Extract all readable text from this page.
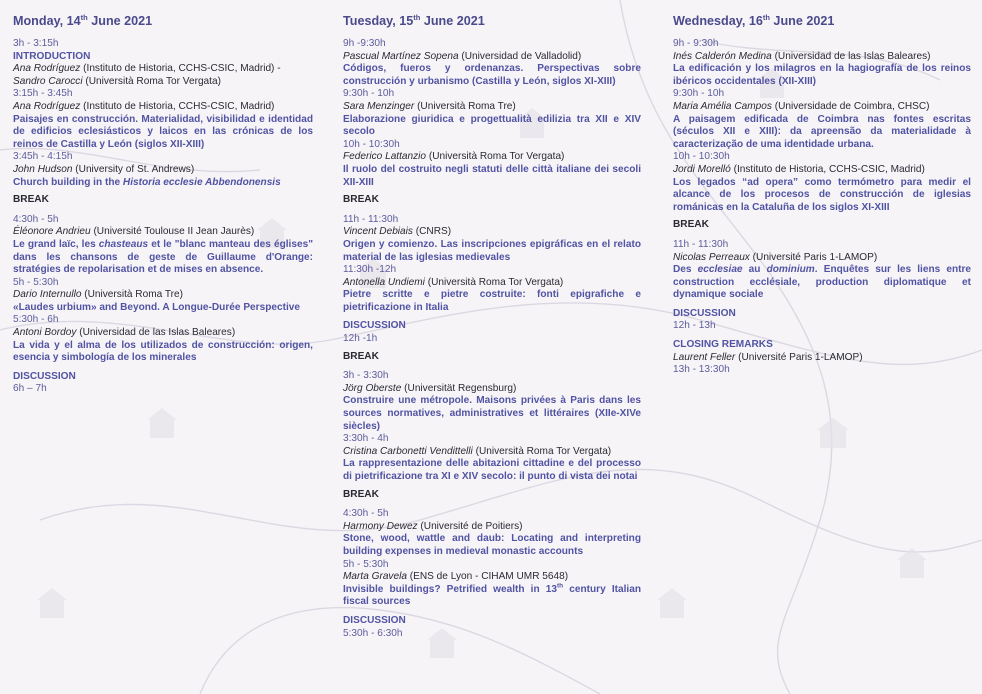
Monday, 14th June 2021
3h - 3:15h
INTRODUCTION
Ana Rodríguez (Instituto de Historia, CCHS-CSIC, Madrid) -Sandro Carocci (Università Roma Tor Vergata)
3:15h - 3:45h
Ana Rodríguez (Instituto de Historia, CCHS-CSIC, Madrid)
Paisajes en construcción. Materialidad, visibilidad e identidad de edificios eclesiásticos y laicos en las crónicas de los reinos de Castilla y León (siglos XII-XIII)
3:45h - 4:15h
John Hudson (University of St. Andrews)
Church building in the Historia ecclesie Abbendonensis
BREAK
4:30h - 5h
Éléonore Andrieu (Université Toulouse II Jean Jaurès)
Le grand laïc, les chasteaus et le "blanc manteau des églises" dans les chansons de geste de Guillaume d'Orange: stratégies de repolarisation et de mises en absence.
5h - 5:30h
Dario Internullo (Università Roma Tre)
«Laudes urbium» and Beyond. A Longue-Durée Perspective
5:30h - 6h
Antoni Bordoy (Universidad de las Islas Baleares)
La vida y el alma de los utilizados de construcción: origen, esencia y simbología de los minerales
DISCUSSION
6h – 7h
Tuesday, 15th June 2021
9h -9:30h
Pascual Martínez Sopena (Universidad de Valladolid)
Códigos, fueros y ordenanzas. Perspectivas sobre construcción y urbanismo (Castilla y León, siglos XI-XIII)
9:30h - 10h
Sara Menzinger (Università Roma Tre)
Elaborazione giuridica e progettualità edilizia tra XII e XIV secolo
10h - 10:30h
Federico Lattanzio (Università Roma Tor Vergata)
Il ruolo del costruito negli statuti delle città italiane dei secoli XII-XIII
BREAK
11h - 11:30h
Vincent Debiais (CNRS)
Origen y comienzo. Las inscripciones epigráficas en el relato material de las iglesias medievales
11:30h -12h
Antonella Undiemi (Università Roma Tor Vergata)
Pietre scritte e pietre costruite: fonti epigrafiche e pietrificazione in Italia
DISCUSSION
12h -1h
BREAK
3h - 3:30h
Jörg Oberste (Universität Regensburg)
Construire une métropole. Maisons privées à Paris dans les sources normatives, administratives et littéraires (XIIe-XIVe siècles)
3:30h - 4h
Cristina Carbonetti Vendittelli (Università Roma Tor Vergata)
La rappresentazione delle abitazioni cittadine e del processo di pietrificazione tra XI e XIV secolo: il punto di vista dei notai
BREAK
4:30h - 5h
Harmony Dewez (Université de Poitiers)
Stone, wood, wattle and daub: Locating and interpreting building expenses in medieval monastic accounts
5h - 5:30h
Marta Gravela (ENS de Lyon - CIHAM UMR 5648)
Invisible buildings? Petrified wealth in 13th century Italian fiscal sources
DISCUSSION
5:30h - 6:30h
Wednesday, 16th June 2021
9h - 9:30h
Inés Calderón Medina (Universidad de las Islas Baleares)
La edificación y los milagros en la hagiografía de los reinos ibéricos occidentales (XII-XIII)
9:30h - 10h
Maria Amélia Campos (Universidade de Coimbra, CHSC)
A paisagem edificada de Coimbra nas fontes escritas (séculos XII e XIII): da apreensão da materialidade à caracterização de uma identidade urbana.
10h - 10:30h
Jordi Morelló (Instituto de Historia, CCHS-CSIC, Madrid)
Los legados “ad opera” como termómetro para medir el alcance de los procesos de construcción de iglesias románicas en la Cataluña de los siglos XI-XIII
BREAK
11h - 11:30h
Nicolas Perreaux (Université Paris 1-LAMOP)
Des ecclesiae au dominium. Enquêtes sur les liens entre construction ecclésiale, production diplomatique et dynamique sociale
DISCUSSION
12h - 13h
CLOSING REMARKS
Laurent Feller (Université Paris 1-LAMOP)
13h - 13:30h
